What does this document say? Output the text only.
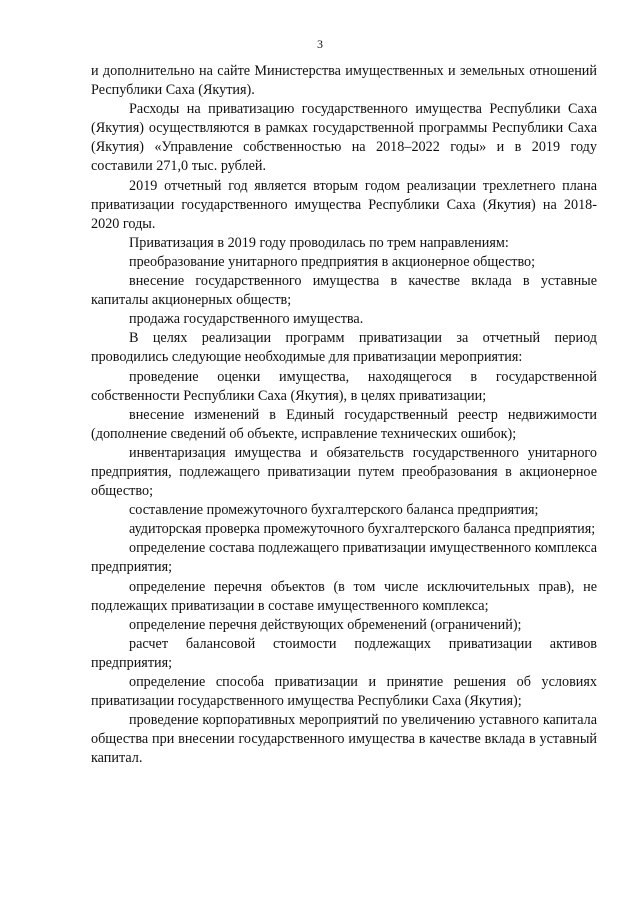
3

и дополнительно на сайте Министерства имущественных и земельных отношений Республики Саха (Якутия).

Расходы на приватизацию государственного имущества Республики Саха (Якутия) осуществляются в рамках государственной программы Республики Саха (Якутия) «Управление собственностью на 2018–2022 годы» и в 2019 году составили 271,0 тыс. рублей.

2019 отчетный год является вторым годом реализации трехлетнего плана приватизации государственного имущества Республики Саха (Якутия) на 2018-2020 годы.

Приватизация в 2019 году проводилась по трем направлениям:

преобразование унитарного предприятия в акционерное общество;

внесение государственного имущества в качестве вклада в уставные капиталы акционерных обществ;

продажа государственного имущества.

В целях реализации программ приватизации за отчетный период проводились следующие необходимые для приватизации мероприятия:

проведение оценки имущества, находящегося в государственной собственности Республики Саха (Якутия), в целях приватизации;

внесение изменений в Единый государственный реестр недвижимости (дополнение сведений об объекте, исправление технических ошибок);

инвентаризация имущества и обязательств государственного унитарного предприятия, подлежащего приватизации путем преобразования в акционерное общество;

составление промежуточного бухгалтерского баланса предприятия;

аудиторская проверка промежуточного бухгалтерского баланса предприятия;

определение состава подлежащего приватизации имущественного комплекса предприятия;

определение перечня объектов (в том числе исключительных прав), не подлежащих приватизации в составе имущественного комплекса;

определение перечня действующих обременений (ограничений);

расчет балансовой стоимости подлежащих приватизации активов предприятия;

определение способа приватизации и принятие решения об условиях приватизации государственного имущества Республики Саха (Якутия);

проведение корпоративных мероприятий по увеличению уставного капитала общества при внесении государственного имущества в качестве вклада в уставный капитал.
